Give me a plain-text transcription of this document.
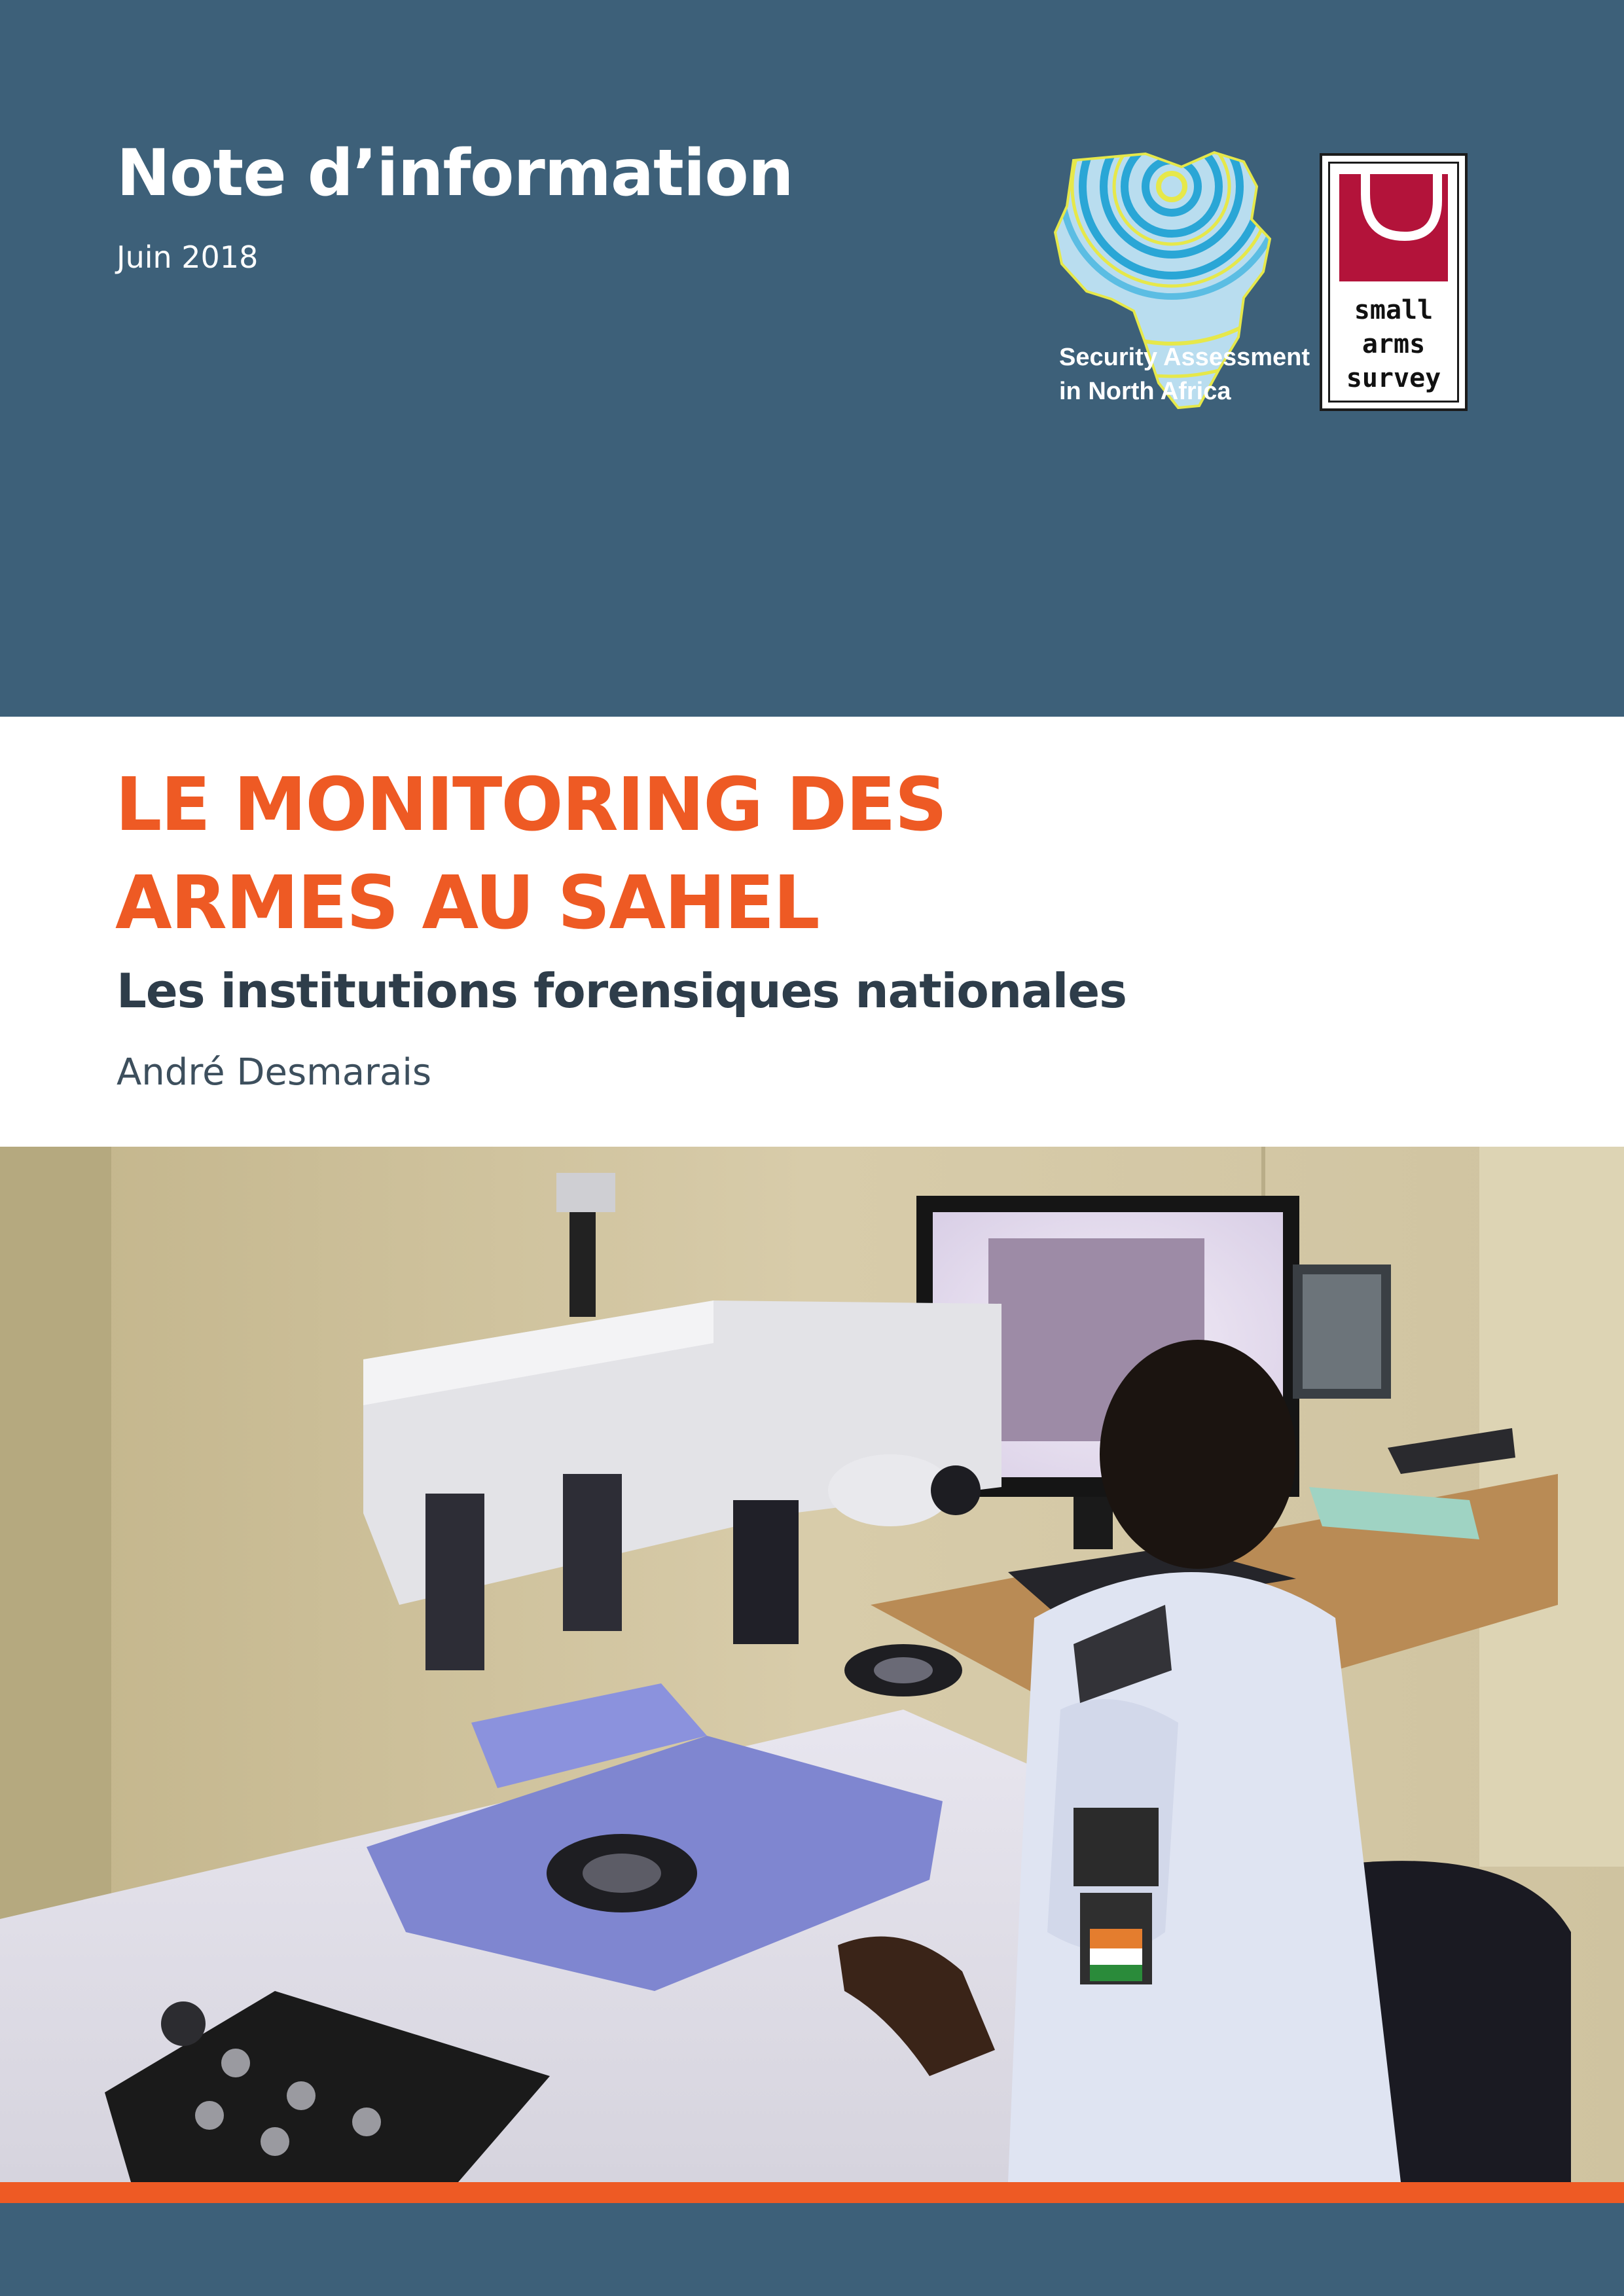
Note d’information
Juin 2018
Security Assessment
in North Africa
small
arms
survey
LE MONITORING DES
ARMES AU SAHEL
Les institutions forensiques nationales
André Desmarais
